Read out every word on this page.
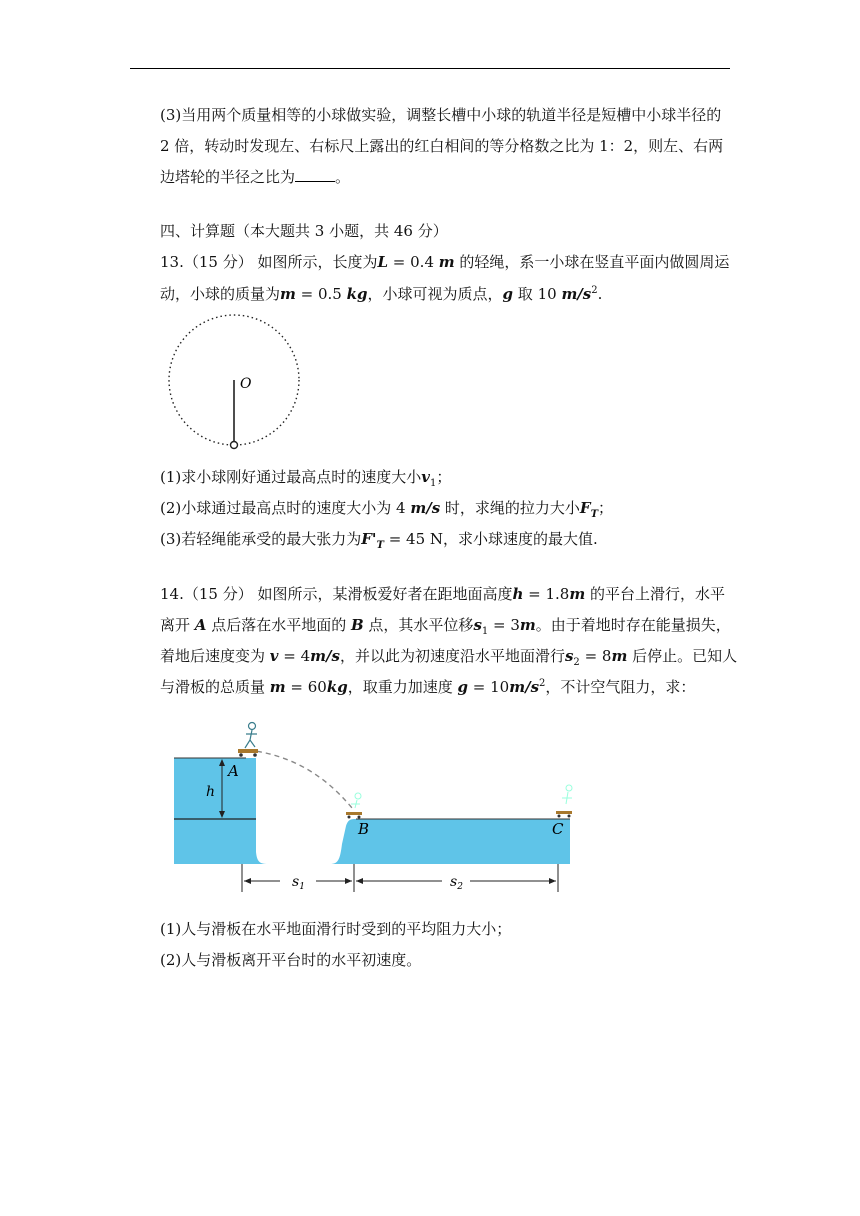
(3)当用两个质量相等的小球做实验，调整长槽中小球的轨道半径是短槽中小球半径的
2 倍，转动时发现左、右标尺上露出的红白相间的等分格数之比为 1：2，则左、右两
边塔轮的半径之比为	。
四、计算题（本大题共 3 小题，共 46 分）
13.（15 分） 如图所示，长度为L = 0.4 m 的轻绳，系一小球在竖直平面内做圆周运
动，小球的质量为m = 0.5 kg，小球可视为质点，g 取 10 $m/s^2$.
O
(1)求小球刚好通过最高点时的速度大小$v_1$；
(2)小球通过最高点时的速度大小为 4 m/s 时，求绳的拉力大小$F_T$；
(3)若轻绳能承受的最大张力为$F'_T = 45$ N，求小球速度的最大值.
14.（15 分） 如图所示，某滑板爱好者在距地面高度h = 1.8m 的平台上滑行，水平
离开 A 点后落在水平地面的 B 点，其水平位移$s_1 = 3m$。由于着地时存在能量损失，
着地后速度变为 v = 4m/s，并以此为初速度沿水平地面滑行$s_2 = 8m$ 后停止。已知人
与滑板的总质量 m = 60kg，取重力加速度 $g = 10m/s^2$，不计空气阻力，求：
A
h
B	C
$s_1$	$s_2$
(1)人与滑板在水平地面滑行时受到的平均阻力大小；
(2)人与滑板离开平台时的水平初速度。
